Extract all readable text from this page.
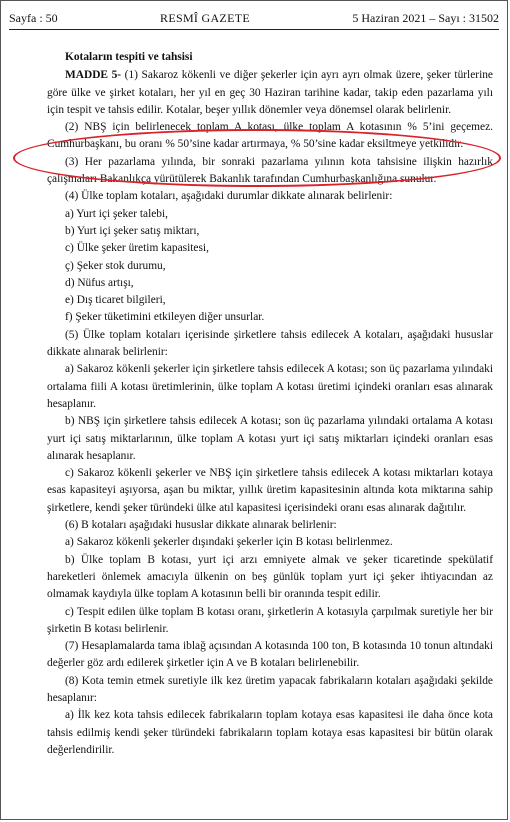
Sayfa : 50	RESMÎ GAZETE	5 Haziran 2021 – Sayı : 31502

Kotaların tespiti ve tahsisi

MADDE 5- (1) Sakaroz kökenli ve diğer şekerler için ayrı ayrı olmak üzere, şeker türlerine göre ülke ve şirket kotaları, her yıl en geç 30 Haziran tarihine kadar, takip eden pazarlama yılı için tespit ve tahsis edilir. Kotalar, beşer yıllık dönemler veya dönemsel olarak belirlenir.

(2) NBŞ için belirlenecek toplam A kotası, ülke toplam A kotasının % 5’ini geçemez. Cumhurbaşkanı, bu oranı % 50’sine kadar artırmaya, % 50’sine kadar eksiltmeye yetkilidir.

(3) Her pazarlama yılında, bir sonraki pazarlama yılının kota tahsisine ilişkin hazırlık çalışmaları Bakanlıkça yürütülerek Bakanlık tarafından Cumhurbaşkanlığına sunulur.

(4) Ülke toplam kotaları, aşağıdaki durumlar dikkate alınarak belirlenir:

a) Yurt içi şeker talebi,

b) Yurt içi şeker satış miktarı,

c) Ülke şeker üretim kapasitesi,

ç) Şeker stok durumu,

d) Nüfus artışı,

e) Dış ticaret bilgileri,

f) Şeker tüketimini etkileyen diğer unsurlar.

(5) Ülke toplam kotaları içerisinde şirketlere tahsis edilecek A kotaları, aşağıdaki hususlar dikkate alınarak belirlenir:

a) Sakaroz kökenli şekerler için şirketlere tahsis edilecek A kotası; son üç pazarlama yılındaki ortalama fiili A kotası üretimlerinin, ülke toplam A kotası üretimi içindeki oranları esas alınarak hesaplanır.

b) NBŞ için şirketlere tahsis edilecek A kotası; son üç pazarlama yılındaki ortalama A kotası yurt içi satış miktarlarının, ülke toplam A kotası yurt içi satış miktarları içindeki oranları esas alınarak hesaplanır.

c) Sakaroz kökenli şekerler ve NBŞ için şirketlere tahsis edilecek A kotası miktarları kotaya esas kapasiteyi aşıyorsa, aşan bu miktar, yıllık üretim kapasitesinin altında kota miktarına sahip şirketlere, kendi şeker türündeki ülke atıl kapasitesi içerisindeki oranı esas alınarak dağıtılır.

(6) B kotaları aşağıdaki hususlar dikkate alınarak belirlenir:

a) Sakaroz kökenli şekerler dışındaki şekerler için B kotası belirlenmez.

b) Ülke toplam B kotası, yurt içi arzı emniyete almak ve şeker ticaretinde spekülatif hareketleri önlemek amacıyla ülkenin on beş günlük toplam yurt içi şeker ihtiyacından az olmamak kaydıyla ülke toplam A kotasının belli bir oranında tespit edilir.

c) Tespit edilen ülke toplam B kotası oranı, şirketlerin A kotasıyla çarpılmak suretiyle her bir şirketin B kotası belirlenir.

(7) Hesaplamalarda tama iblağ açısından A kotasında 100 ton, B kotasında 10 tonun altındaki değerler göz ardı edilerek şirketler için A ve B kotaları belirlenebilir.

(8) Kota temin etmek suretiyle ilk kez üretim yapacak fabrikaların kotaları aşağıdaki şekilde hesaplanır:

a) İlk kez kota tahsis edilecek fabrikaların toplam kotaya esas kapasitesi ile daha önce kota tahsis edilmiş kendi şeker türündeki fabrikaların toplam kotaya esas kapasitesi bir bütün olarak değerlendirilir.
